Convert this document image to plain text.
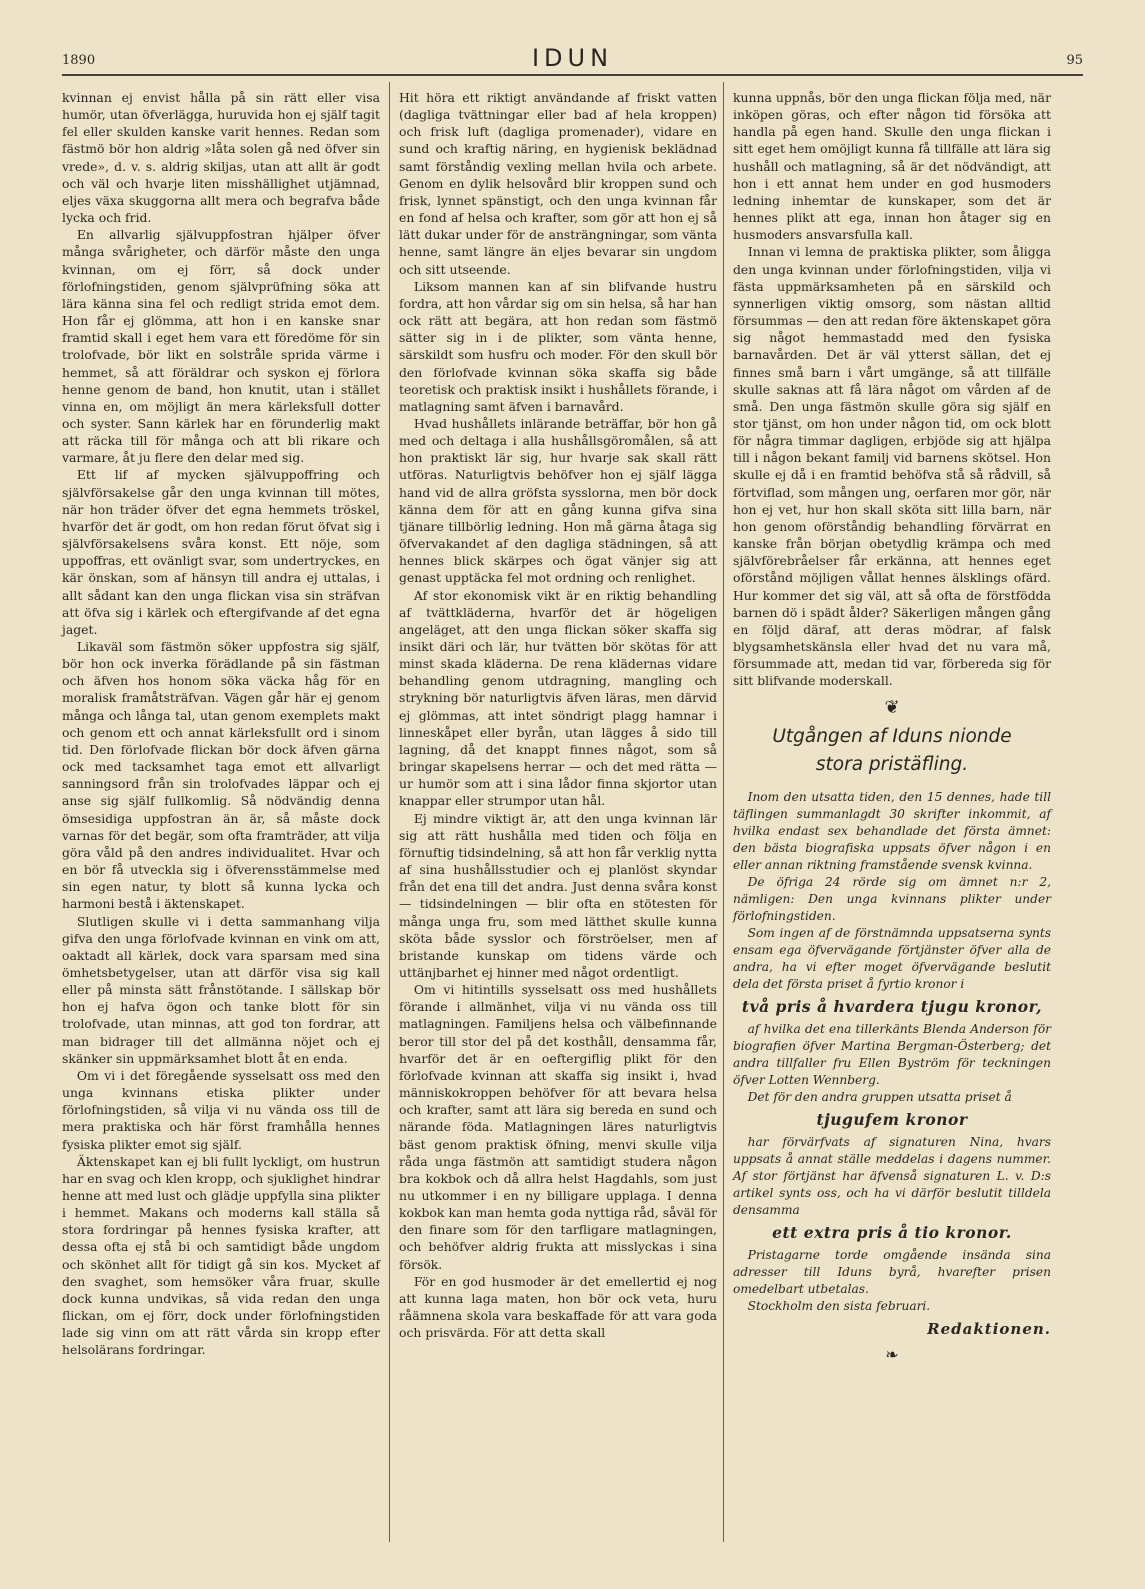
1890	IDUN	95

kvinnan ej envist hålla på sin rätt eller visa humör, utan öfverlägga, huruvida hon ej själf tagit fel eller skulden kanske varit hennes. Redan som fästmö bör hon aldrig »låta solen gå ned öfver sin vrede», d. v. s. aldrig skiljas, utan att allt är godt och väl och hvarje liten misshällighet utjämnad, eljes växa skuggorna allt mera och begrafva både lycka och frid.

En allvarlig självuppfostran hjälper öfver många svårigheter, och därför måste den unga kvinnan, om ej förr, så dock under förlofningstiden, genom självprüfning söka att lära känna sina fel och redligt strida emot dem. Hon får ej glömma, att hon i en kanske snar framtid skall i eget hem vara ett föredöme för sin trolofvade, bör likt en solstråle sprida värme i hemmet, så att föräldrar och syskon ej förlora henne genom de band, hon knutit, utan i stället vinna en, om möjligt än mera kärleksfull dotter och syster. Sann kärlek har en förunderlig makt att räcka till för många och att bli rikare och varmare, åt ju flere den delar med sig.

Ett lif af mycken självuppoffring och självförsakelse går den unga kvinnan till mötes, när hon träder öfver det egna hemmets tröskel, hvarför det är godt, om hon redan förut öfvat sig i självförsakelsens svåra konst. Ett nöje, som uppoffras, ett ovänligt svar, som undertryckes, en kär önskan, som af hänsyn till andra ej uttalas, i allt sådant kan den unga flickan visa sin sträfvan att öfva sig i kärlek och eftergifvande af det egna jaget.

Likaväl som fästmön söker uppfostra sig själf, bör hon ock inverka förädlande på sin fästman och äfven hos honom söka väcka håg för en moralisk framåtsträfvan. Vägen går här ej genom många och långa tal, utan genom exemplets makt och genom ett och annat kärleksfullt ord i sinom tid. Den förlofvade flickan bör dock äfven gärna ock med tacksamhet taga emot ett allvarligt sanningsord från sin trolofvades läppar och ej anse sig själf fullkomlig. Så nödvändig denna ömsesidiga uppfostran än är, så måste dock varnas för det begär, som ofta framträder, att vilja göra våld på den andres individualitet. Hvar och en bör få utveckla sig i öfverensstämmelse med sin egen natur, ty blott så kunna lycka och harmoni bestå i äktenskapet.

Slutligen skulle vi i detta sammanhang vilja gifva den unga förlofvade kvinnan en vink om att, oaktadt all kärlek, dock vara sparsam med sina ömhetsbetygelser, utan att därför visa sig kall eller på minsta sätt frånstötande. I sällskap bör hon ej hafva ögon och tanke blott för sin trolofvade, utan minnas, att god ton fordrar, att man bidrager till det allmänna nöjet och ej skänker sin uppmärksamhet blott åt en enda.

Om vi i det föregående sysselsatt oss med den unga kvinnans etiska plikter under förlofningstiden, så vilja vi nu vända oss till de mera praktiska och här först framhålla hennes fysiska plikter emot sig själf.

Äktenskapet kan ej bli fullt lyckligt, om hustrun har en svag och klen kropp, och sjuklighet hindrar henne att med lust och glädje uppfylla sina plikter i hemmet. Makans och moderns kall ställa så stora fordringar på hennes fysiska krafter, att dessa ofta ej stå bi och samtidigt både ungdom och skönhet allt för tidigt gå sin kos. Mycket af den svaghet, som hemsöker våra fruar, skulle dock kunna undvikas, så vida redan den unga flickan, om ej förr, dock under förlofningstiden lade sig vinn om att rätt vårda sin kropp efter helsolärans fordringar.

Hit höra ett riktigt användande af friskt vatten (dagliga tvättningar eller bad af hela kroppen) och frisk luft (dagliga promenader), vidare en sund och kraftig näring, en hygienisk beklädnad samt förståndig vexling mellan hvila och arbete. Genom en dylik helsovård blir kroppen sund och frisk, lynnet spänstigt, och den unga kvinnan får en fond af helsa och krafter, som gör att hon ej så lätt dukar under för de ansträngningar, som vänta henne, samt längre än eljes bevarar sin ungdom och sitt utseende.

Liksom mannen kan af sin blifvande hustru fordra, att hon vårdar sig om sin helsa, så har han ock rätt att begära, att hon redan som fästmö sätter sig in i de plikter, som vänta henne, särskildt som husfru och moder. För den skull bör den förlofvade kvinnan söka skaffa sig både teoretisk och praktisk insikt i hushållets förande, i matlagning samt äfven i barnavård.

Hvad hushållets inlärande beträffar, bör hon gå med och deltaga i alla hushållsgöromålen, så att hon praktiskt lär sig, hur hvarje sak skall rätt utföras. Naturligtvis behöfver hon ej själf lägga hand vid de allra gröfsta sysslorna, men bör dock känna dem för att en gång kunna gifva sina tjänare tillbörlig ledning. Hon må gärna åtaga sig öfvervakandet af den dagliga städningen, så att hennes blick skärpes och ögat vänjer sig att genast upptäcka fel mot ordning och renlighet.

Af stor ekonomisk vikt är en riktig behandling af tvättkläderna, hvarför det är högeligen angeläget, att den unga flickan söker skaffa sig insikt däri och lär, hur tvätten bör skötas för att minst skada kläderna. De rena klädernas vidare behandling genom utdragning, mangling och strykning bör naturligtvis äfven läras, men därvid ej glömmas, att intet söndrigt plagg hamnar i linneskåpet eller byrån, utan lägges å sido till lagning, då det knappt finnes något, som så bringar skapelsens herrar — och det med rätta — ur humör som att i sina lådor finna skjortor utan knappar eller strumpor utan hål.

Ej mindre viktigt är, att den unga kvinnan lär sig att rätt hushålla med tiden och följa en förnuftig tidsindelning, så att hon får verklig nytta af sina hushållsstudier och ej planlöst skyndar från det ena till det andra. Just denna svåra konst — tidsindelningen — blir ofta en stötesten för många unga fru, som med lätthet skulle kunna sköta både sysslor och förströelser, men af bristande kunskap om tidens värde och uttänjbarhet ej hinner med något ordentligt.

Om vi hitintills sysselsatt oss med hushållets förande i allmänhet, vilja vi nu vända oss till matlagningen. Familjens helsa och välbefinnande beror till stor del på det kosthåll, densamma får, hvarför det är en oeftergiflig plikt för den förlofvade kvinnan att skaffa sig insikt i, hvad människokroppen behöfver för att bevara helsa och krafter, samt att lära sig bereda en sund och närande föda. Matlagningen läres naturligtvis bäst genom praktisk öfning, menvi skulle vilja råda unga fästmön att samtidigt studera någon bra kokbok och då allra helst Hagdahls, som just nu utkommer i en ny billigare upplaga. I denna kokbok kan man hemta goda nyttiga råd, såväl för den finare som för den tarfligare matlagningen, och behöfver aldrig frukta att misslyckas i sina försök.

För en god husmoder är det emellertid ej nog att kunna laga maten, hon bör ock veta, huru råämnena skola vara beskaffade för att vara goda och prisvärda. För att detta skall

kunna uppnås, bör den unga flickan följa med, när inköpen göras, och efter någon tid försöka att handla på egen hand. Skulle den unga flickan i sitt eget hem omöjligt kunna få tillfälle att lära sig hushåll och matlagning, så är det nödvändigt, att hon i ett annat hem under en god husmoders ledning inhemtar de kunskaper, som det är hennes plikt att ega, innan hon åtager sig en husmoders ansvarsfulla kall.

Innan vi lemna de praktiska plikter, som åligga den unga kvinnan under förlofningstiden, vilja vi fästa uppmärksamheten på en särskild och synnerligen viktig omsorg, som nästan alltid försummas — den att redan före äktenskapet göra sig något hemmastadd med den fysiska barnavården. Det är väl ytterst sällan, det ej finnes små barn i vårt umgänge, så att tillfälle skulle saknas att få lära något om vården af de små. Den unga fästmön skulle göra sig själf en stor tjänst, om hon under någon tid, om ock blott för några timmar dagligen, erbjöde sig att hjälpa till i någon bekant familj vid barnens skötsel. Hon skulle ej då i en framtid behöfva stå så rådvill, så förtviflad, som mången ung, oerfaren mor gör, när hon ej vet, hur hon skall sköta sitt lilla barn, när hon genom oförståndig behandling förvärrat en kanske från början obetydlig krämpa och med självförebråelser får erkänna, att hennes eget oförstånd möjligen vållat hennes älsklings ofärd. Hur kommer det sig väl, att så ofta de förstfödda barnen dö i spädt ålder? Säkerligen mången gång en följd däraf, att deras mödrar, af falsk blygsamhetskänsla eller hvad det nu vara må, försummade att, medan tid var, förbereda sig för sitt blifvande moderskall.

❦
Utgången af Iduns nionde
stora pristäfling.

Inom den utsatta tiden, den 15 dennes, hade till täflingen summanlagdt 30 skrifter inkommit, af hvilka endast sex behandlade det första ämnet: den bästa biografiska uppsats öfver någon i en eller annan riktning framstående svensk kvinna.

De öfriga 24 rörde sig om ämnet n:r 2, nämligen: Den unga kvinnans plikter under förlofningstiden.

Som ingen af de förstnämnda uppsatserna synts ensam ega öfvervägande förtjänster öfver alla de andra, ha vi efter moget öfvervägande beslutit dela det första priset å fyrtio kronor i

två pris å hvardera tjugu kronor,

af hvilka det ena tillerkänts Blenda Anderson för biografien öfver Martina Bergman-Österberg; det andra tillfaller fru Ellen Byström för teckningen öfver Lotten Wennberg.

Det för den andra gruppen utsatta priset å

tjugufem kronor

har förvärfvats af signaturen Nina, hvars uppsats å annat ställe meddelas i dagens nummer. Af stor förtjänst har äfvenså signaturen L. v. D:s artikel synts oss, och ha vi därför beslutit tilldela densamma

ett extra pris å tio kronor.

Pristagarne torde omgående insända sina adresser till Iduns byrå, hvarefter prisen omedelbart utbetalas.

Stockholm den sista februari.

Redaktionen.

❧
